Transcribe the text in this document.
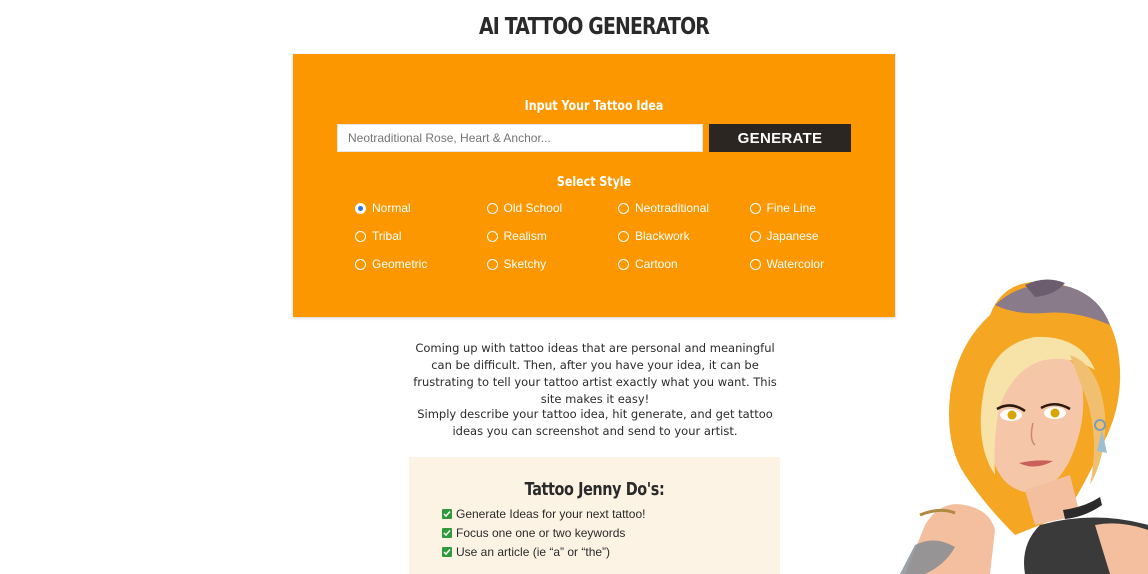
AI TATTOO GENERATOR
Input Your Tattoo Idea
Neotraditional Rose, Heart & Anchor...
GENERATE
Select Style
Normal	Old School	Neotraditional	Fine Line
Tribal	Realism	Blackwork	Japanese
Geometric	Sketchy	Cartoon	Watercolor
Coming up with tattoo ideas that are personal and meaningful can be difficult. Then, after you have your idea, it can be frustrating to tell your tattoo artist exactly what you want. This site makes it easy!
Simply describe your tattoo idea, hit generate, and get tattoo ideas you can screenshot and send to your artist.
Tattoo Jenny Do's:
Generate Ideas for your next tattoo!
Focus one one or two keywords
Use an article (ie “a” or “the”)
